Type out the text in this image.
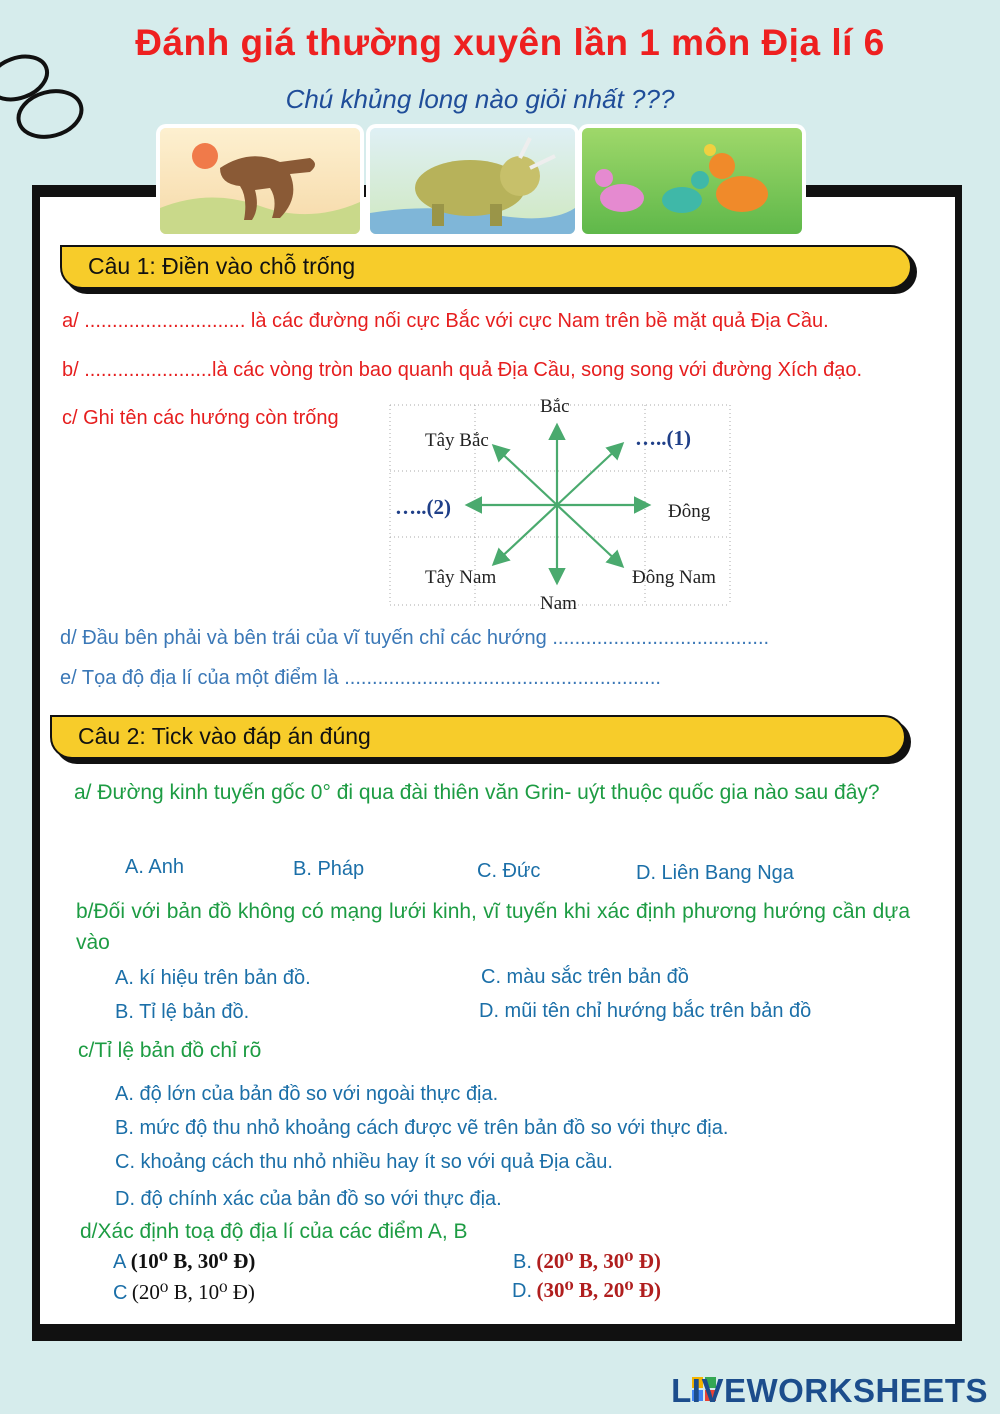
Đánh giá thường xuyên lần 1 môn Địa lí 6
Chú khủng long nào giỏi nhất ???
Câu 1: Điền vào chỗ trống
a/ ............................. là các đường nối cực Bắc với cực Nam trên bề mặt quả Địa Cầu.
b/ .......................là các vòng tròn bao quanh quả Địa Cầu, song song với đường Xích đạo.
c/ Ghi tên các hướng còn trống
Bắc
Tây Bắc	…..(1)
…..(2)	Đông
Tây Nam	Đông Nam
Nam
d/ Đầu bên phải và bên trái của vĩ tuyến chỉ các hướng .......................................
e/ Tọa độ địa lí của một điểm là .........................................................
Câu 2: Tick vào đáp án đúng
a/ Đường kinh tuyến gốc 0° đi qua đài thiên văn Grin- uýt thuộc quốc gia nào sau đây?
A. Anh	B. Pháp	C. Đức	D. Liên Bang Nga
b/Đối với bản đồ không có mạng lưới kinh, vĩ tuyến khi xác định phương hướng cần dựa vào
A. kí hiệu trên bản đồ.	C. màu sắc trên bản đồ
B. Tỉ lệ bản đồ.	D. mũi tên chỉ hướng bắc trên bản đồ
c/Tỉ lệ bản đồ chỉ rõ
A. độ lớn của bản đồ so với ngoài thực địa.
B. mức độ thu nhỏ khoảng cách được vẽ trên bản đồ so với thực địa.
C. khoảng cách thu nhỏ nhiều hay ít so với quả Địa cầu.
D. độ chính xác của bản đồ so với thực địa.
d/Xác định toạ độ địa lí của các điểm A, B
A (10⁰ B, 30⁰ Đ)	B. (20⁰ B, 30⁰ Đ)
C (20⁰ B, 10⁰ Đ)	D. (30⁰ B, 20⁰ Đ)
LIVEWORKSHEETS
